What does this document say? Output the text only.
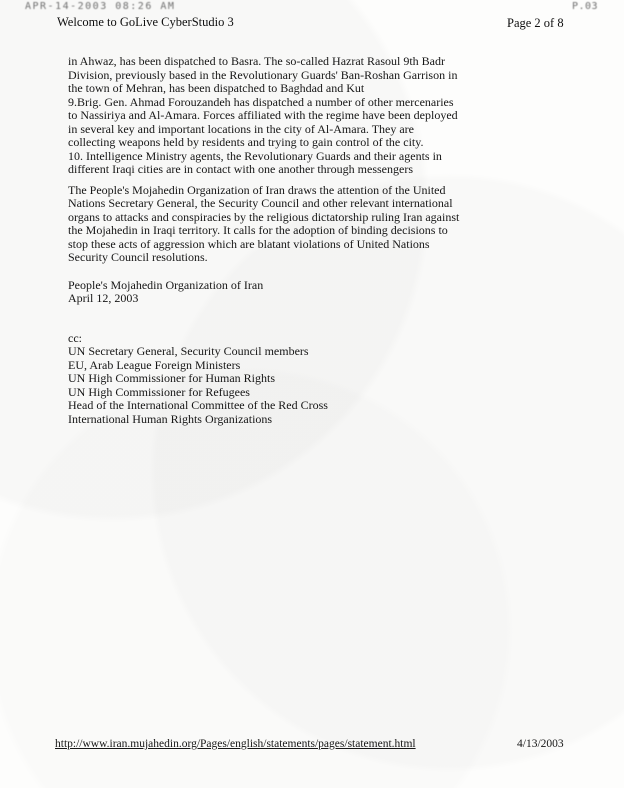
APR-14-2003 08:26 AM	P.03
Welcome to GoLive CyberStudio 3	Page 2 of 8
in Ahwaz, has been dispatched to Basra. The so-called Hazrat Rasoul 9th Badr
Division, previously based in the Revolutionary Guards' Ban-Roshan Garrison in
the town of Mehran, has been dispatched to Baghdad and Kut
9.Brig. Gen. Ahmad Forouzandeh has dispatched a number of other mercenaries
to Nassiriya and Al-Amara. Forces affiliated with the regime have been deployed
in several key and important locations in the city of Al-Amara. They are
collecting weapons held by residents and trying to gain control of the city.
10. Intelligence Ministry agents, the Revolutionary Guards and their agents in
different Iraqi cities are in contact with one another through messengers
The People's Mojahedin Organization of Iran draws the attention of the United
Nations Secretary General, the Security Council and other relevant international
organs to attacks and conspiracies by the religious dictatorship ruling Iran against
the Mojahedin in Iraqi territory. It calls for the adoption of binding decisions to
stop these acts of aggression which are blatant violations of United Nations
Security Council resolutions.
People's Mojahedin Organization of Iran
April 12, 2003
cc:
UN Secretary General, Security Council members
EU, Arab League Foreign Ministers
UN High Commissioner for Human Rights
UN High Commissioner for Refugees
Head of the International Committee of the Red Cross
International Human Rights Organizations
http://www.iran.mujahedin.org/Pages/english/statements/pages/statement.html	4/13/2003
